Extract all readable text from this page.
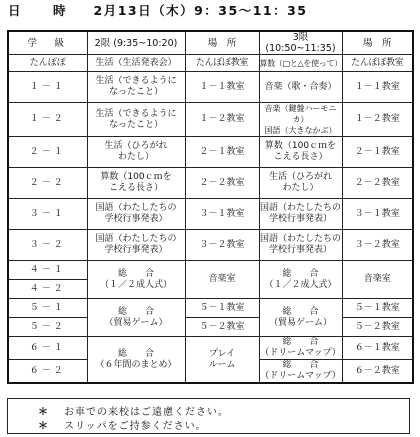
日　時 2月13日（木）9：35～11：35
学　級	2限 (9:35~10:20)	場　所	3限 (10:50~11:35)	場　所
たんぽぽ	生活（生活発表会）	たんぽぽ教室	算数（□と△を使って）	たんぽぽ教室
１－１	生活（できるように
なったこと）	１－１教室	音楽（歌・合奏）	１－１教室
１－２	生活（できるように
なったこと）	１－２教室	音楽（鍵盤ハーモニカ）
国語（大きなかぶ）	１－２教室
２－１	生活（ひろがれ
わたし）	２－１教室	算数（100ｃｍを
こえる長さ）	２－１教室
２－２	算数（100ｃｍを
こえる長さ）	２－２教室	生活（ひろがれ
わたし）	２－２教室
３－１	国語（わたしたちの
学校行事発表）	３－１教室	国語（わたしたちの
学校行事発表）	３－１教室
３－２	国語（わたしたちの
学校行事発表）	３－２教室	国語（わたしたちの
学校行事発表）	３－２教室
４－１	総　　合
（１／２成人式）	音楽室	総　　合
（１／２成人式）	音楽室
４－２				
５－１	総　　合
（貿易ゲーム）	５－１教室	総　　合
（貿易ゲーム）	５－１教室
５－２		５－２教室		５－２教室
６－１	総　　合
（６年間のまとめ）	プレイ
ルーム	総　　合
（ドリームマップ）	６－１教室
６－２			総　　合
（ドリームマップ）	６－２教室
＊ お車での来校はご遠慮ください。
＊ スリッパをご持参ください。
